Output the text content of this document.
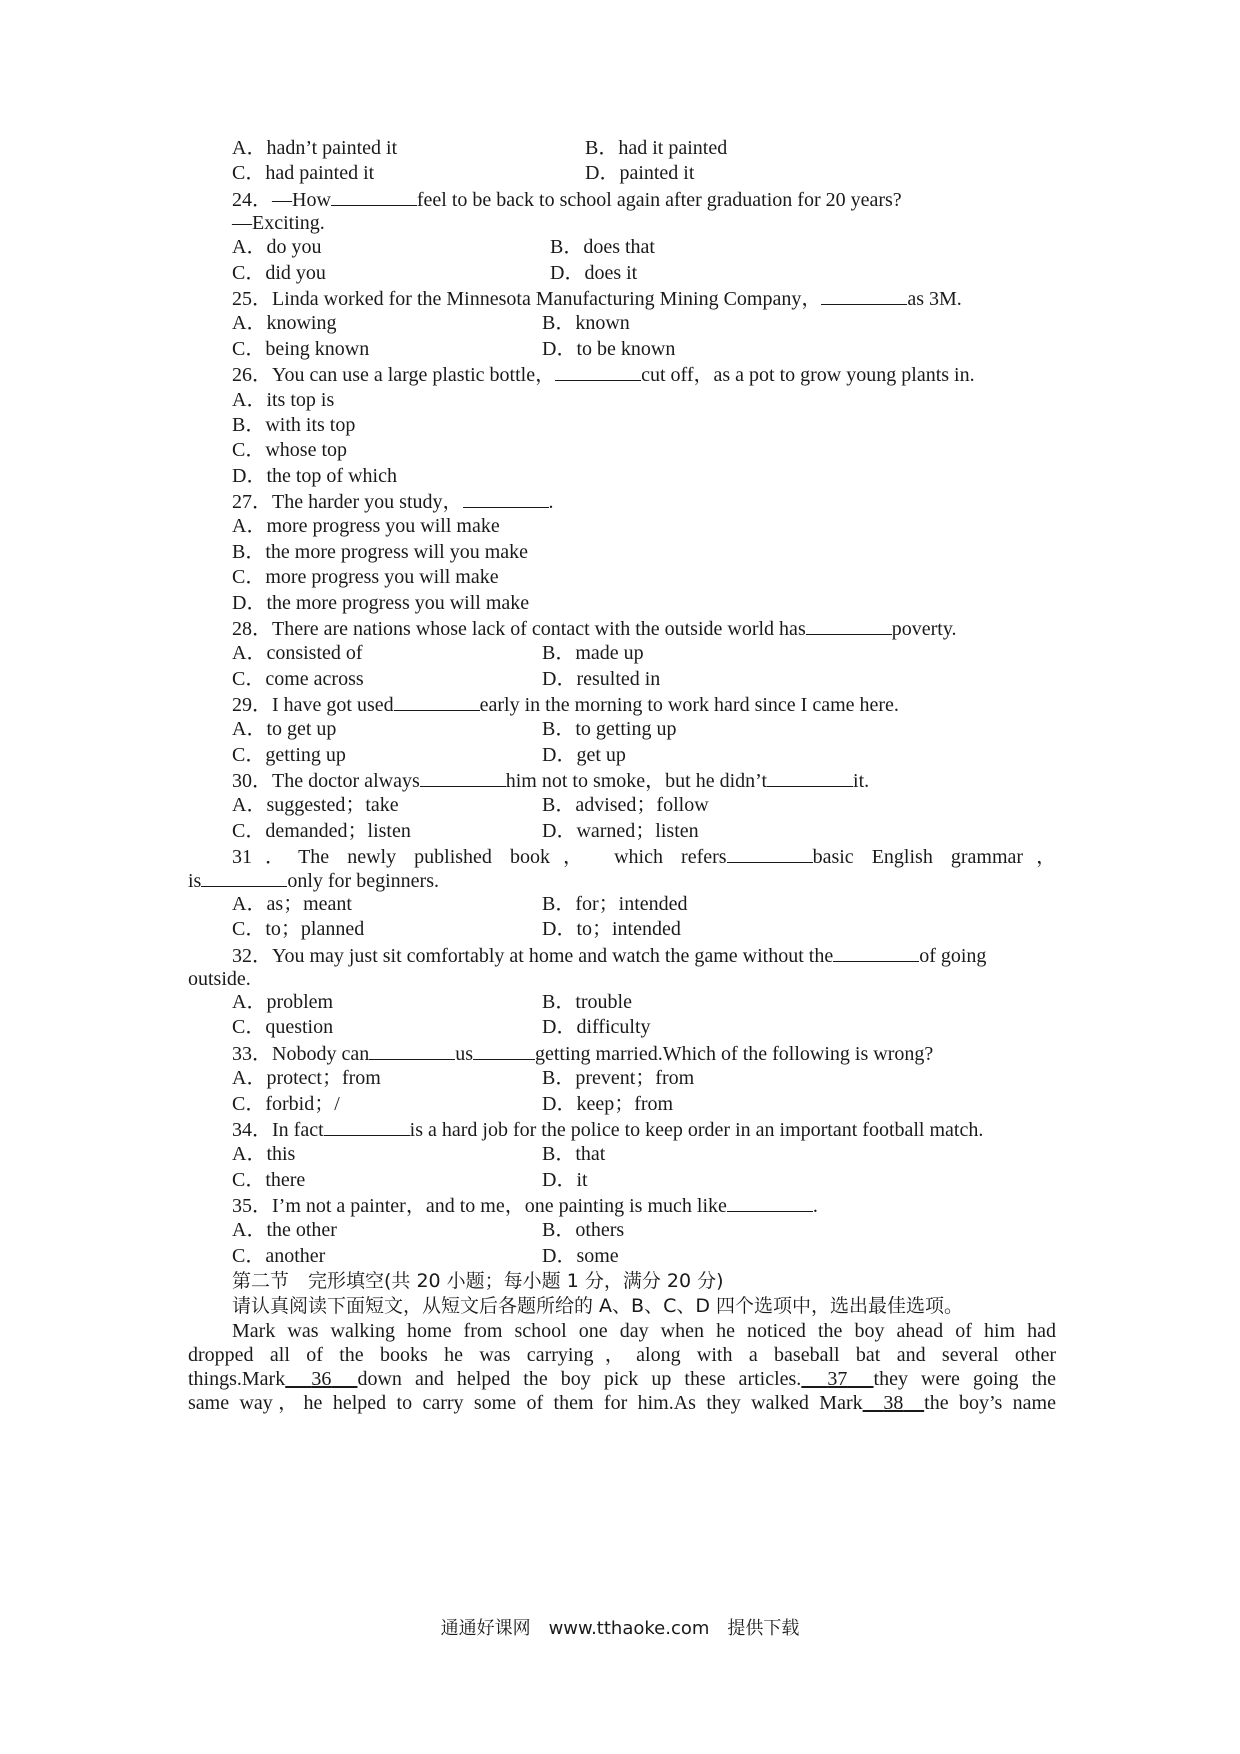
A．hadn’t painted it	B．had it painted
C．had painted it	D．painted it
24．—How	feel to be back to school again after graduation for 20 years?
—Exciting.
A．do you	B．does that
C．did you	D．does it
25．Linda worked for the Minnesota Manufacturing Mining Company，	as 3M.
A．knowing	B．known
C．being known	D．to be known
26．You can use a large plastic bottle，	cut off，as a pot to grow young plants in.
A．its top is
B．with its top
C．whose top
D．the top of which
27．The harder you study，	.
A．more progress you will make
B．the more progress will you make
C．more progress you will make
D．the more progress you will make
28．There are nations whose lack of contact with the outside world has	poverty.
A．consisted of	B．made up
C．come across	D．resulted in
29．I have got used	early in the morning to work hard since I came here.
A．to get up	B．to getting up
C．getting up	D．get up
30．The doctor always	him not to smoke，but he didn’t	it.
A．suggested；take	B．advised；follow
C．demanded；listen	D．warned；listen
31．The newly published book， which refers	basic English grammar，
is	only for beginners.
A．as；meant	B．for；intended
C．to；planned	D．to；intended
32．You may just sit comfortably at home and watch the game without the	of going
outside.
A．problem	B．trouble
C．question	D．difficulty
33．Nobody can	us	getting married.Which of the following is wrong?
A．protect；from	B．prevent；from
C．forbid；/	D．keep；from
34．In fact	is a hard job for the police to keep order in an important football match.
A．this	B．that
C．there	D．it
35．I’m not a painter，and to me，one painting is much like	.
A．the other	B．others
C．another	D．some
第二节　完形填空(共 20 小题；每小题 1 分，满分 20 分)
请认真阅读下面短文，从短文后各题所给的 A、B、C、D 四个选项中，选出最佳选项。
Mark was walking home from school one day when he noticed the boy ahead of him had
dropped all of the books he was carrying，along with a baseball bat and several other
things.Mark 36 down and helped the boy pick up these articles. 37 they were going the
same way，he helped to carry some of them for him.As they walked Mark 38 the boy’s name
通通好课网　www.tthaoke.com　提供下载
